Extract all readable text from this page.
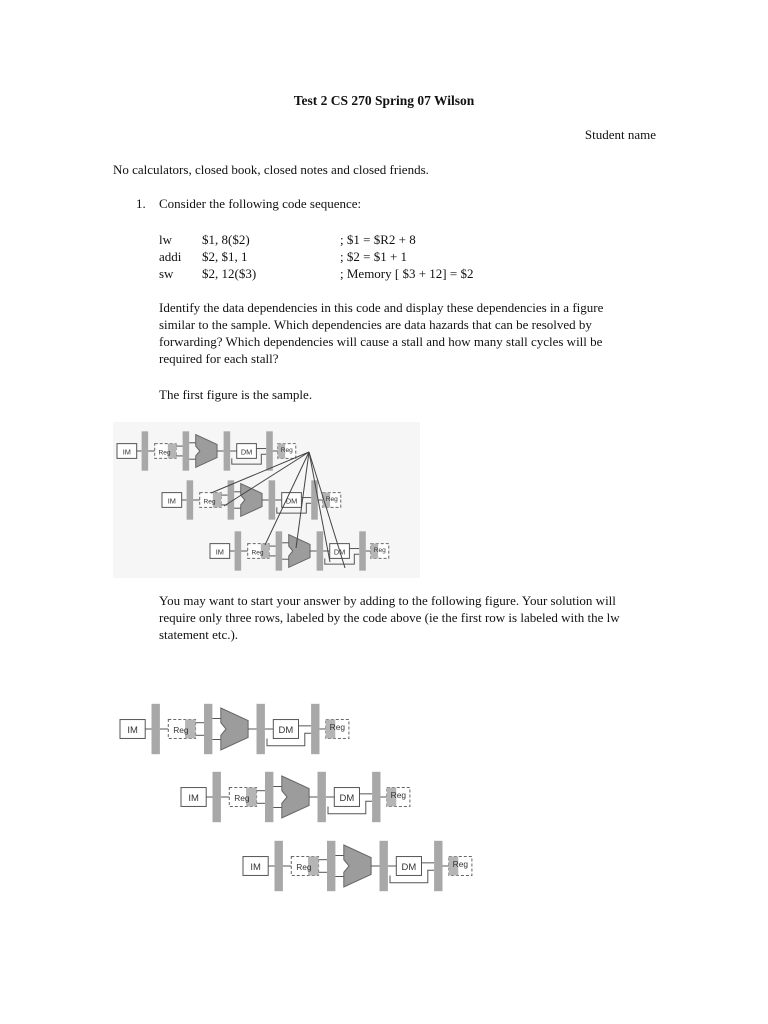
Test 2 CS 270 Spring 07 Wilson
Student name
No calculators, closed book, closed notes and closed friends.
1. Consider the following code sequence:
lw $1, 8($2)	; $1 = $R2 + 8
addi $2, $1, 1	; $2 = $1 + 1
sw $2, 12($3)	; Memory [ $3 + 12] = $2
Identify the data dependencies in this code and display these dependencies in a figure similar to the sample. Which dependencies are data hazards that can be resolved by forwarding? Which dependencies will cause a stall and how many stall cycles will be required for each stall?
The first figure is the sample.
IM	Reg	DM	Reg
IM	Reg	DM	Reg
IM	Reg	DM	Reg
You may want to start your answer by adding to the following figure. Your solution will require only three rows, labeled by the code above (ie the first row is labeled with the lw statement etc.).
IM	Reg	DM	Reg
IM	Reg	DM	Reg
IM	Reg	DM	Reg
